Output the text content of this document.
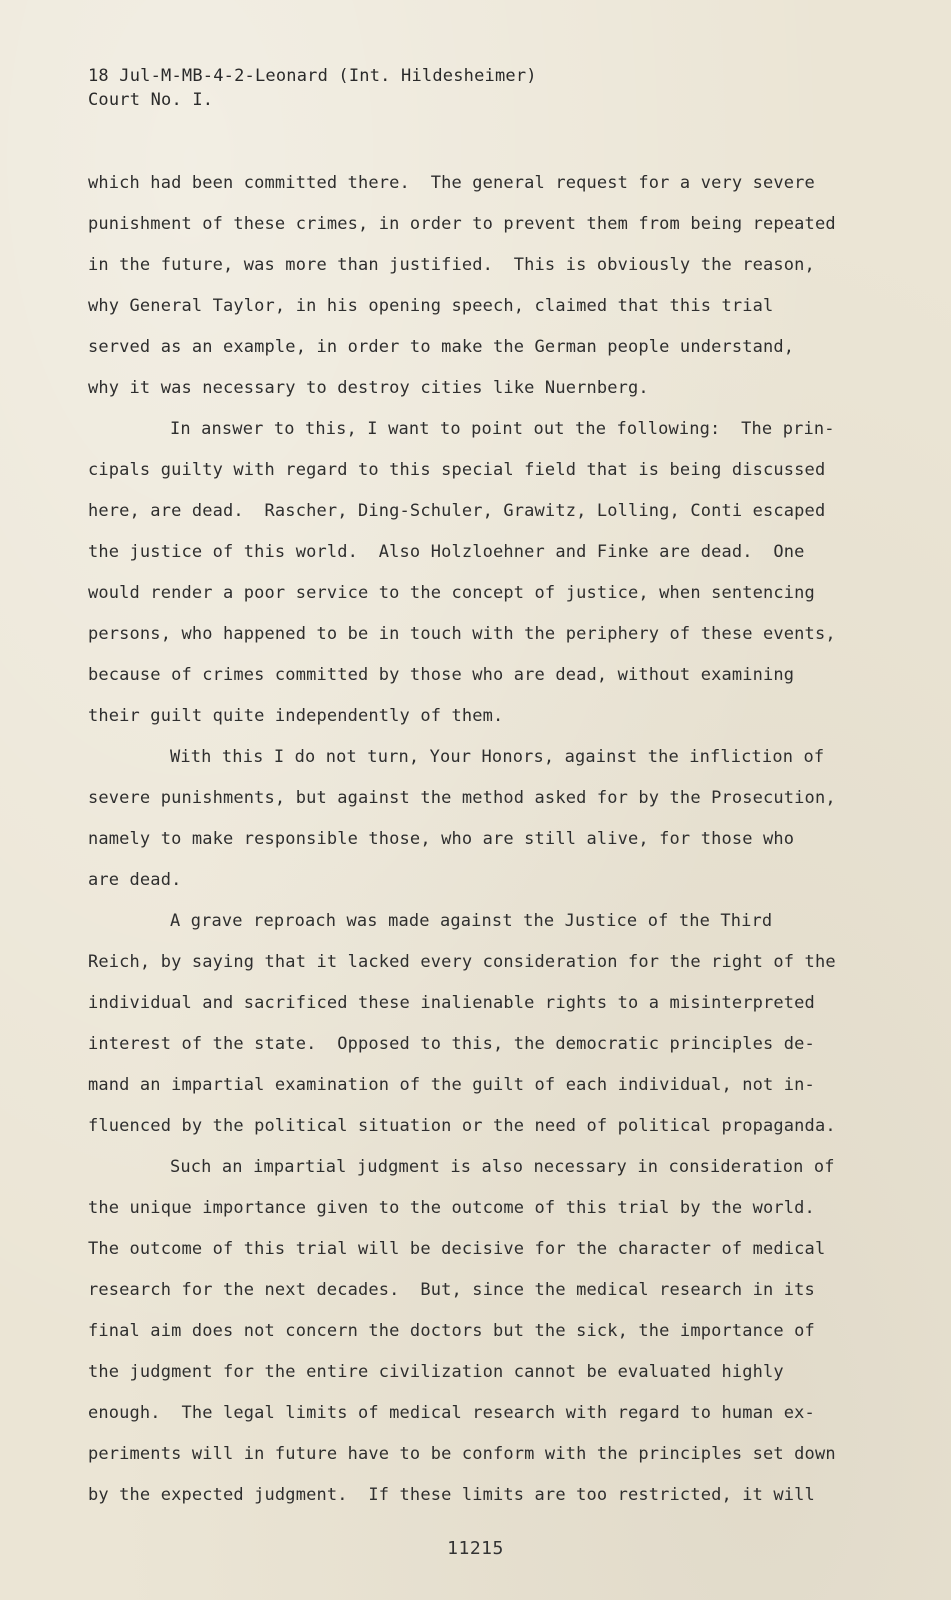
18 Jul-M-MB-4-2-Leonard (Int. Hildesheimer)
Court No. I.
which had been committed there.  The general request for a very severe
punishment of these crimes, in order to prevent them from being repeated
in the future, was more than justified.  This is obviously the reason,
why General Taylor, in his opening speech, claimed that this trial
served as an example, in order to make the German people understand,
why it was necessary to destroy cities like Nuernberg.
In answer to this, I want to point out the following:  The prin-
cipals guilty with regard to this special field that is being discussed
here, are dead.  Rascher, Ding-Schuler, Grawitz, Lolling, Conti escaped
the justice of this world.  Also Holzloehner and Finke are dead.  One
would render a poor service to the concept of justice, when sentencing
persons, who happened to be in touch with the periphery of these events,
because of crimes committed by those who are dead, without examining
their guilt quite independently of them.
With this I do not turn, Your Honors, against the infliction of
severe punishments, but against the method asked for by the Prosecution,
namely to make responsible those, who are still alive, for those who
are dead.
A grave reproach was made against the Justice of the Third
Reich, by saying that it lacked every consideration for the right of the
individual and sacrificed these inalienable rights to a misinterpreted
interest of the state.  Opposed to this, the democratic principles de-
mand an impartial examination of the guilt of each individual, not in-
fluenced by the political situation or the need of political propaganda.
Such an impartial judgment is also necessary in consideration of
the unique importance given to the outcome of this trial by the world.
The outcome of this trial will be decisive for the character of medical
research for the next decades.  But, since the medical research in its
final aim does not concern the doctors but the sick, the importance of
the judgment for the entire civilization cannot be evaluated highly
enough.  The legal limits of medical research with regard to human ex-
periments will in future have to be conform with the principles set down
by the expected judgment.  If these limits are too restricted, it will
11215
